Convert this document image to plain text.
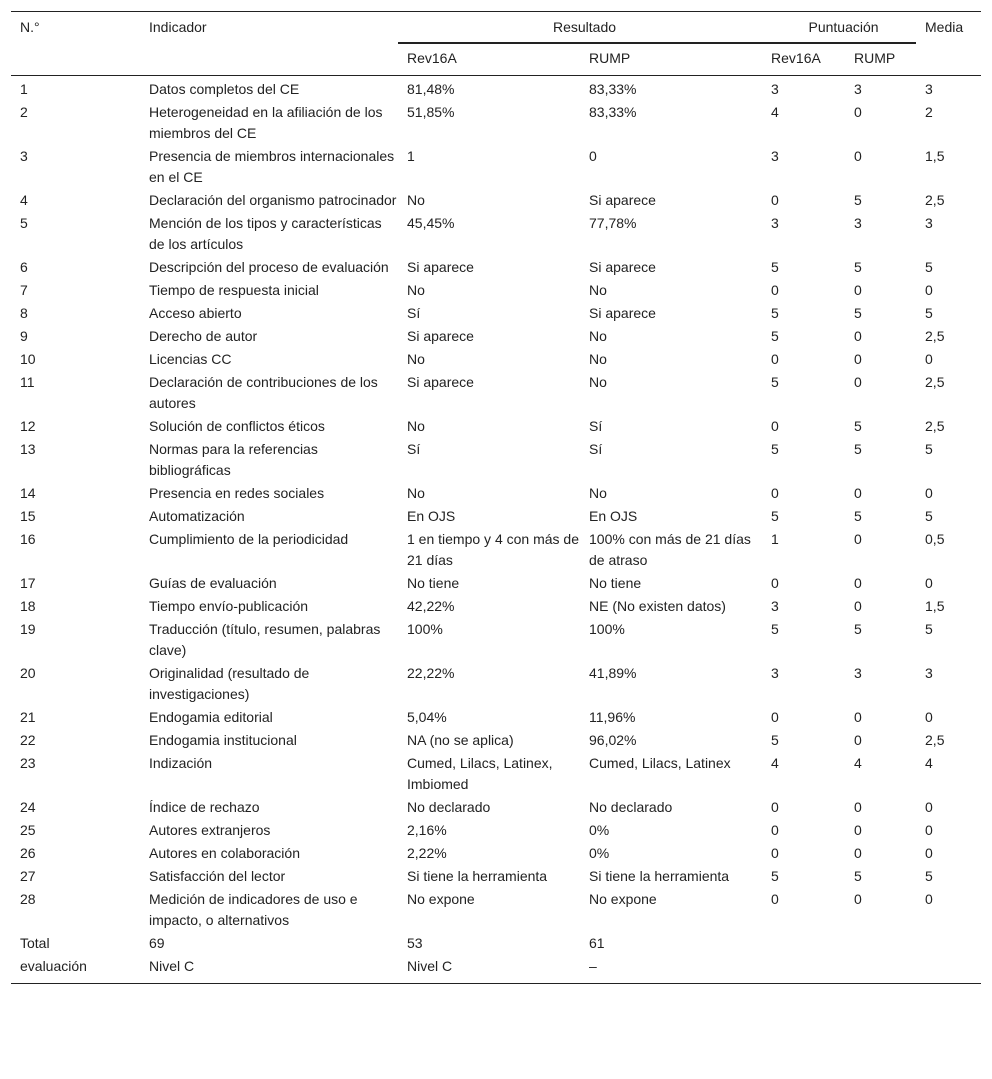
N.°	Indicador	Resultado		Puntuación		Media
		Rev16A	RUMP	Rev16A	RUMP	
1	Datos completos del CE	81,48%	83,33%	3	3	3
2	Heterogeneidad en la afiliación de los miembros del CE	51,85%	83,33%	4	0	2
3	Presencia de miembros internacionales en el CE	1	0	3	0	1,5
4	Declaración del organismo patrocinador	No	Si aparece	0	5	2,5
5	Mención de los tipos y características de los artículos	45,45%	77,78%	3	3	3
6	Descripción del proceso de evaluación	Si aparece	Si aparece	5	5	5
7	Tiempo de respuesta inicial	No	No	0	0	0
8	Acceso abierto	Sí	Si aparece	5	5	5
9	Derecho de autor	Si aparece	No	5	0	2,5
10	Licencias CC	No	No	0	0	0
11	Declaración de contribuciones de los autores	Si aparece	No	5	0	2,5
12	Solución de conflictos éticos	No	Sí	0	5	2,5
13	Normas para la referencias bibliográficas	Sí	Sí	5	5	5
14	Presencia en redes sociales	No	No	0	0	0
15	Automatización	En OJS	En OJS	5	5	5
16	Cumplimiento de la periodicidad	1 en tiempo y 4 con más de 21 días	100% con más de 21 días de atraso	1	0	0,5
17	Guías de evaluación	No tiene	No tiene	0	0	0
18	Tiempo envío-publicación	42,22%	NE (No existen datos)	3	0	1,5
19	Traducción (título, resumen, palabras clave)	100%	100%	5	5	5
20	Originalidad (resultado de investigaciones)	22,22%	41,89%	3	3	3
21	Endogamia editorial	5,04%	11,96%	0	0	0
22	Endogamia institucional	NA (no se aplica)	96,02%	5	0	2,5
23	Indización	Cumed, Lilacs, Latinex, Imbiomed	Cumed, Lilacs, Latinex	4	4	4
24	Índice de rechazo	No declarado	No declarado	0	0	0
25	Autores extranjeros	2,16%	0%	0	0	0
26	Autores en colaboración	2,22%	0%	0	0	0
27	Satisfacción del lector	Si tiene la herramienta	Si tiene la herramienta	5	5	5
28	Medición de indicadores de uso e impacto, o alternativos	No expone	No expone	0	0	0
Total	69	53	61			
evaluación	Nivel C	Nivel C	–			
